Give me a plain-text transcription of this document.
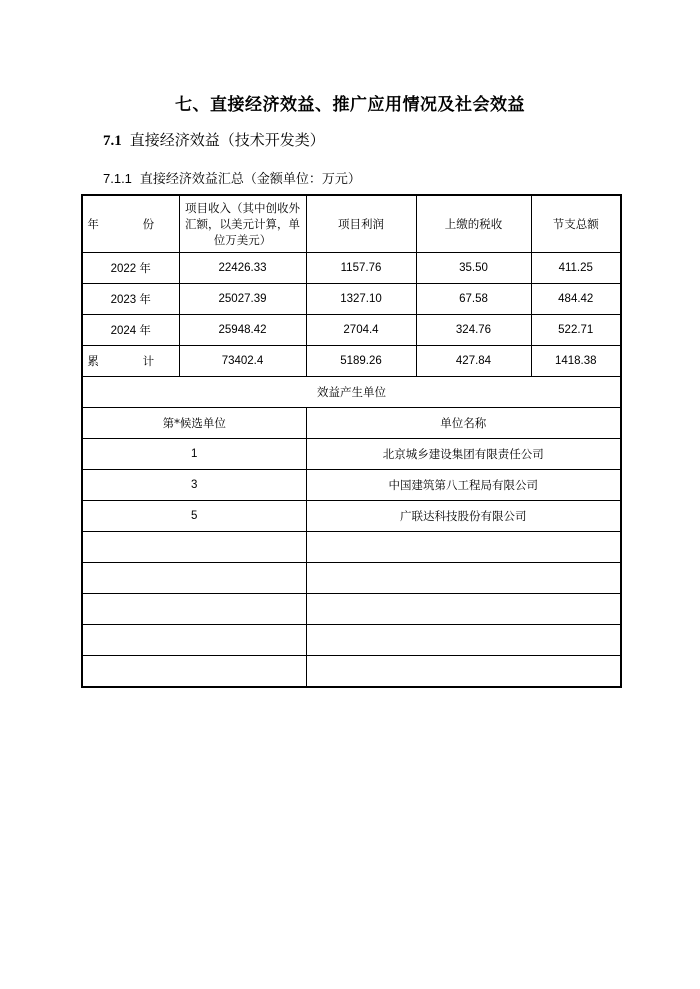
七、直接经济效益、推广应用情况及社会效益
7.1 直接经济效益（技术开发类）
7.1.1 直接经济效益汇总（金额单位：万元）
年 份	项目收入（其中创收外汇额，以美元计算，单位万美元）	项目利润	上缴的税收	节支总额
2022 年	22426.33	1157.76	35.50	411.25
2023 年	25027.39	1327.10	67.58	484.42
2024 年	25948.42	2704.4	324.76	522.71
累 计	73402.4	5189.26	427.84	1418.38
效益产生单位				
第*候选单位		单位名称		
1		北京城乡建设集团有限责任公司		
3		中国建筑第八工程局有限公司		
5		广联达科技股份有限公司		
